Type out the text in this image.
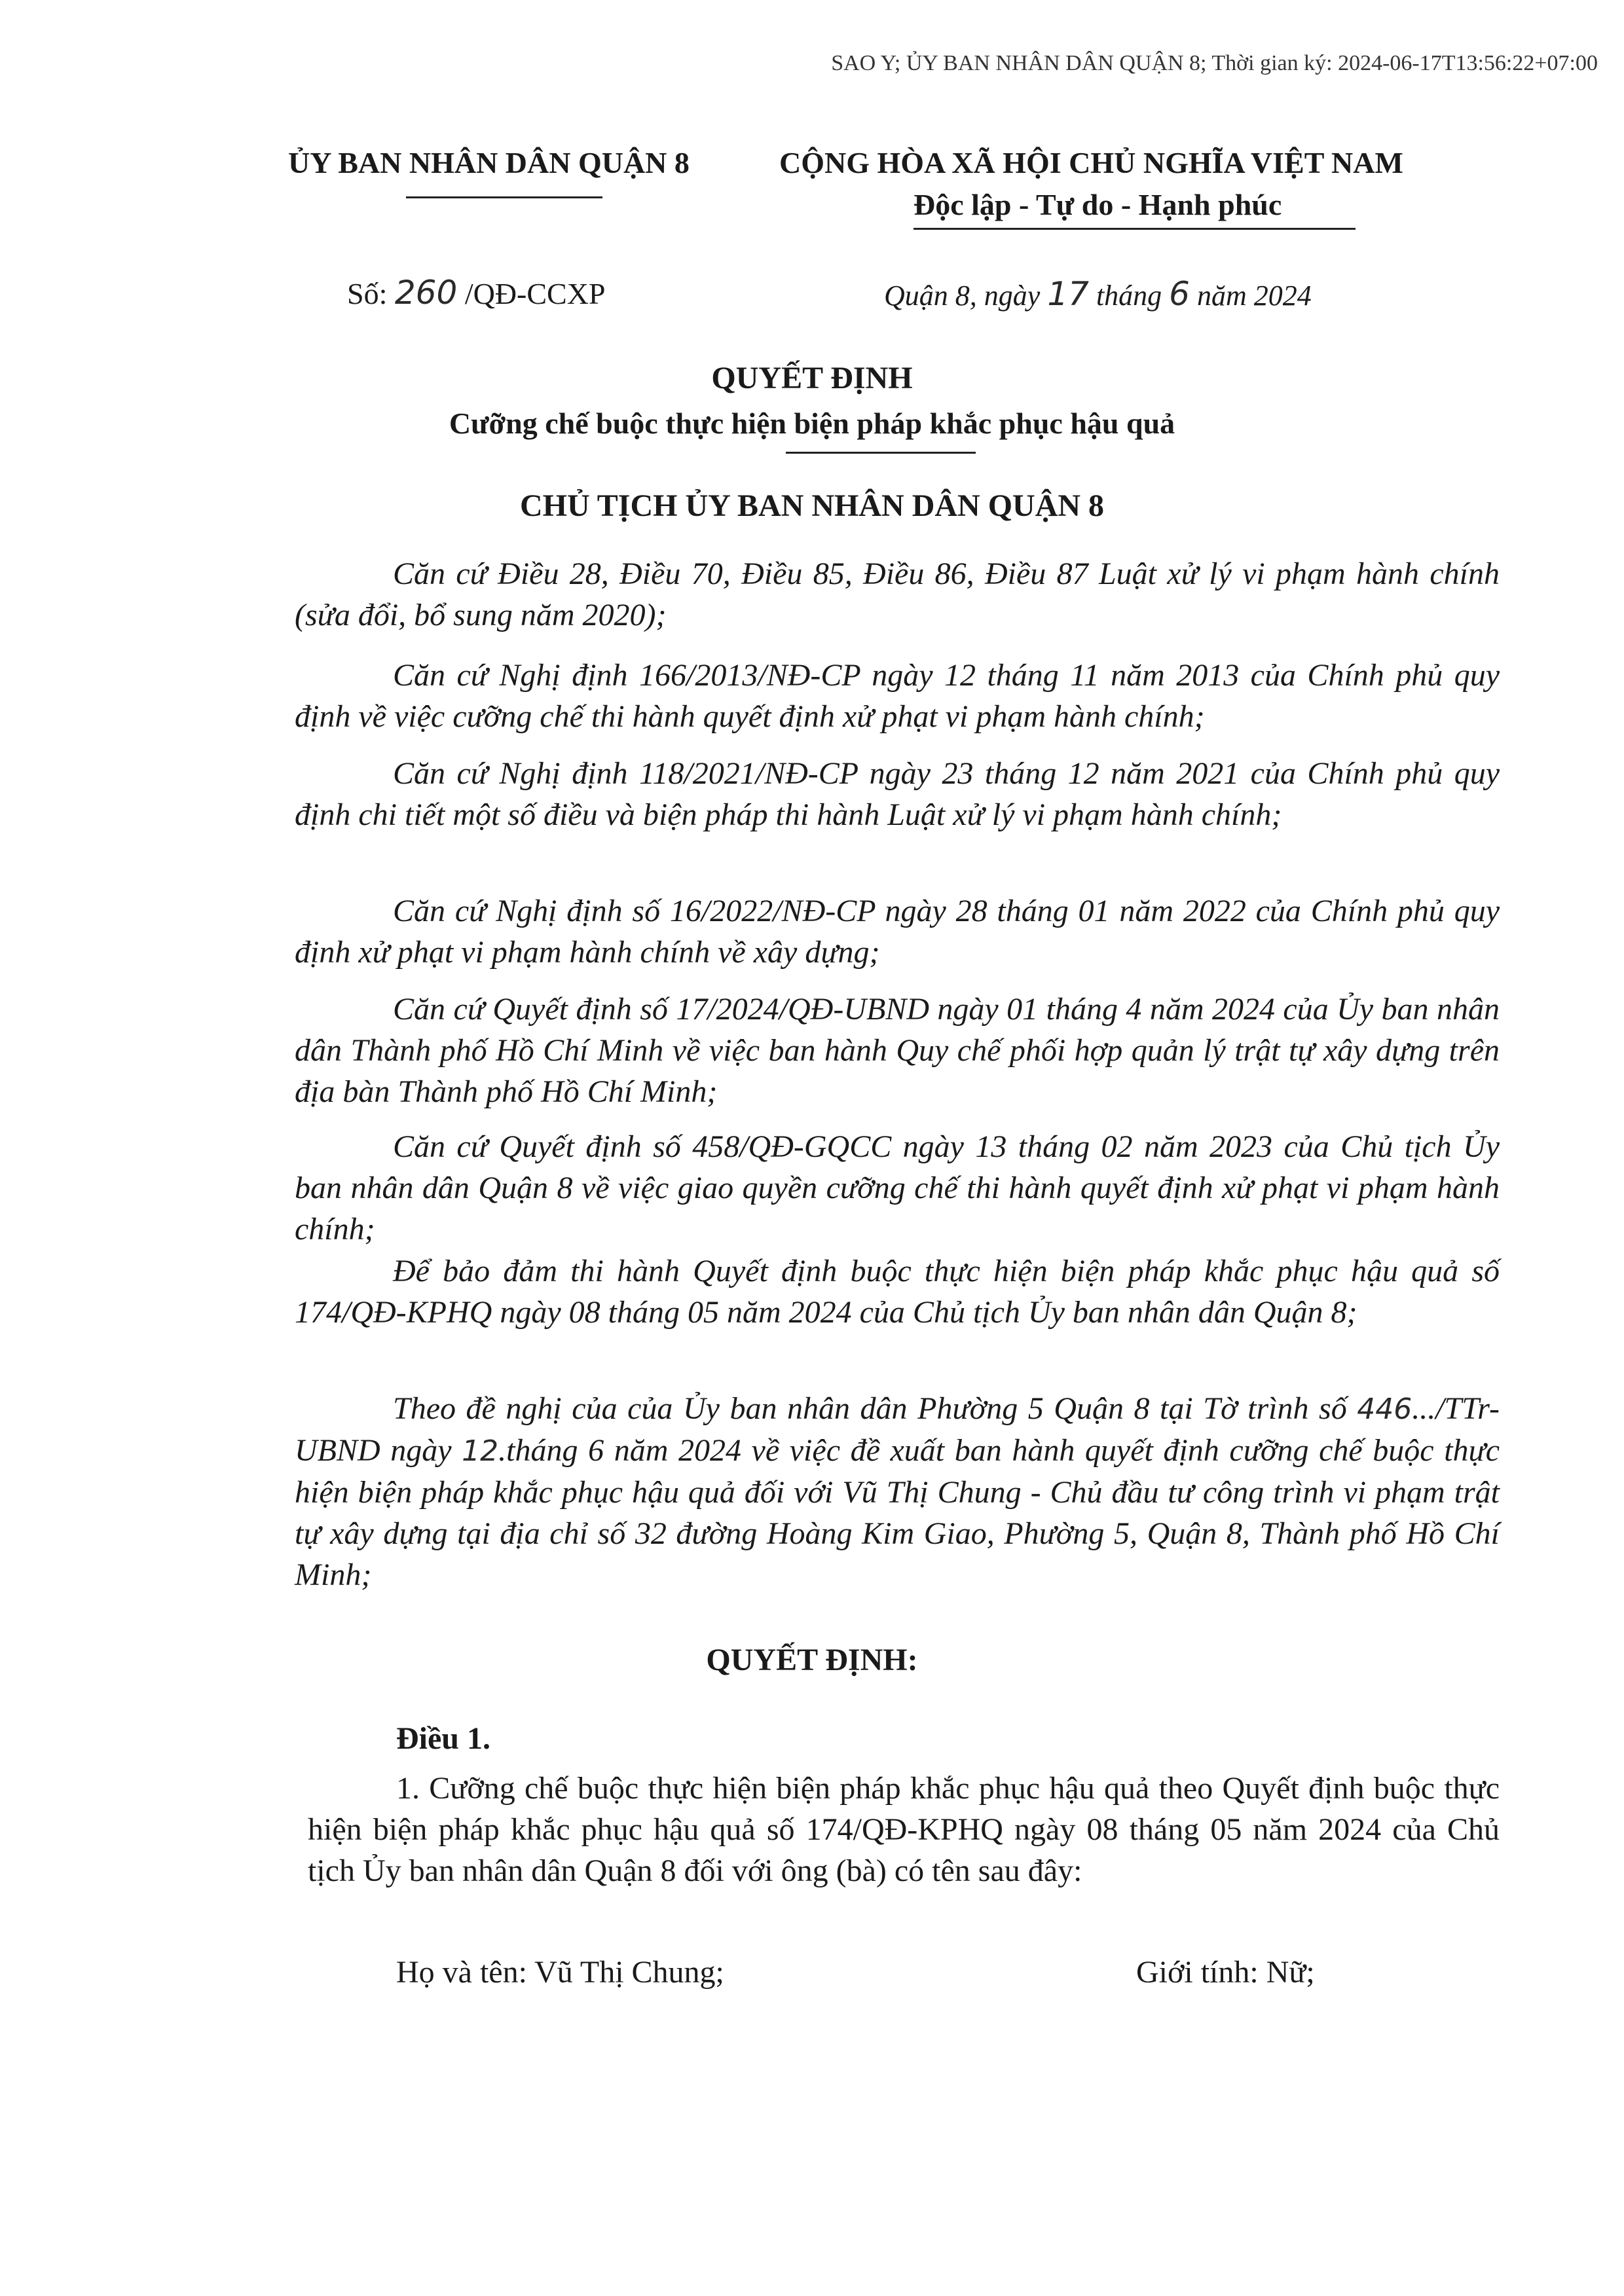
SAO Y; ỦY BAN NHÂN DÂN QUẬN 8; Thời gian ký: 2024-06-17T13:56:22+07:00
ỦY BAN NHÂN DÂN QUẬN 8	CỘNG HÒA XÃ HỘI CHỦ NGHĨA VIỆT NAM
Độc lập - Tự do - Hạnh phúc
Số: 260 /QĐ-CCXP	Quận 8, ngày 17 tháng 6 năm 2024
QUYẾT ĐỊNH
Cưỡng chế buộc thực hiện biện pháp khắc phục hậu quả
CHỦ TỊCH ỦY BAN NHÂN DÂN QUẬN 8

Căn cứ Điều 28, Điều 70, Điều 85, Điều 86, Điều 87 Luật xử lý vi phạm hành chính (sửa đổi, bổ sung năm 2020);

Căn cứ Nghị định 166/2013/NĐ-CP ngày 12 tháng 11 năm 2013 của Chính phủ quy định về việc cưỡng chế thi hành quyết định xử phạt vi phạm hành chính;

Căn cứ Nghị định 118/2021/NĐ-CP ngày 23 tháng 12 năm 2021 của Chính phủ quy định chi tiết một số điều và biện pháp thi hành Luật xử lý vi phạm hành chính;

Căn cứ Nghị định số 16/2022/NĐ-CP ngày 28 tháng 01 năm 2022 của Chính phủ quy định xử phạt vi phạm hành chính về xây dựng;

Căn cứ Quyết định số 17/2024/QĐ-UBND ngày 01 tháng 4 năm 2024 của Ủy ban nhân dân Thành phố Hồ Chí Minh về việc ban hành Quy chế phối hợp quản lý trật tự xây dựng trên địa bàn Thành phố Hồ Chí Minh;

Căn cứ Quyết định số 458/QĐ-GQCC ngày 13 tháng 02 năm 2023 của Chủ tịch Ủy ban nhân dân Quận 8 về việc giao quyền cưỡng chế thi hành quyết định xử phạt vi phạm hành chính;

Để bảo đảm thi hành Quyết định buộc thực hiện biện pháp khắc phục hậu quả số 174/QĐ-KPHQ ngày 08 tháng 05 năm 2024 của Chủ tịch Ủy ban nhân dân Quận 8;

Theo đề nghị của của Ủy ban nhân dân Phường 5 Quận 8 tại Tờ trình số 446.../TTr-UBND ngày 12.tháng 6 năm 2024 về việc đề xuất ban hành quyết định cưỡng chế buộc thực hiện biện pháp khắc phục hậu quả đối với Vũ Thị Chung - Chủ đầu tư công trình vi phạm trật tự xây dựng tại địa chỉ số 32 đường Hoàng Kim Giao, Phường 5, Quận 8, Thành phố Hồ Chí Minh;

QUYẾT ĐỊNH:
Điều 1.

1. Cưỡng chế buộc thực hiện biện pháp khắc phục hậu quả theo Quyết định buộc thực hiện biện pháp khắc phục hậu quả số 174/QĐ-KPHQ ngày 08 tháng 05 năm 2024 của Chủ tịch Ủy ban nhân dân Quận 8 đối với ông (bà) có tên sau đây:

Họ và tên: Vũ Thị Chung;	Giới tính: Nữ;
